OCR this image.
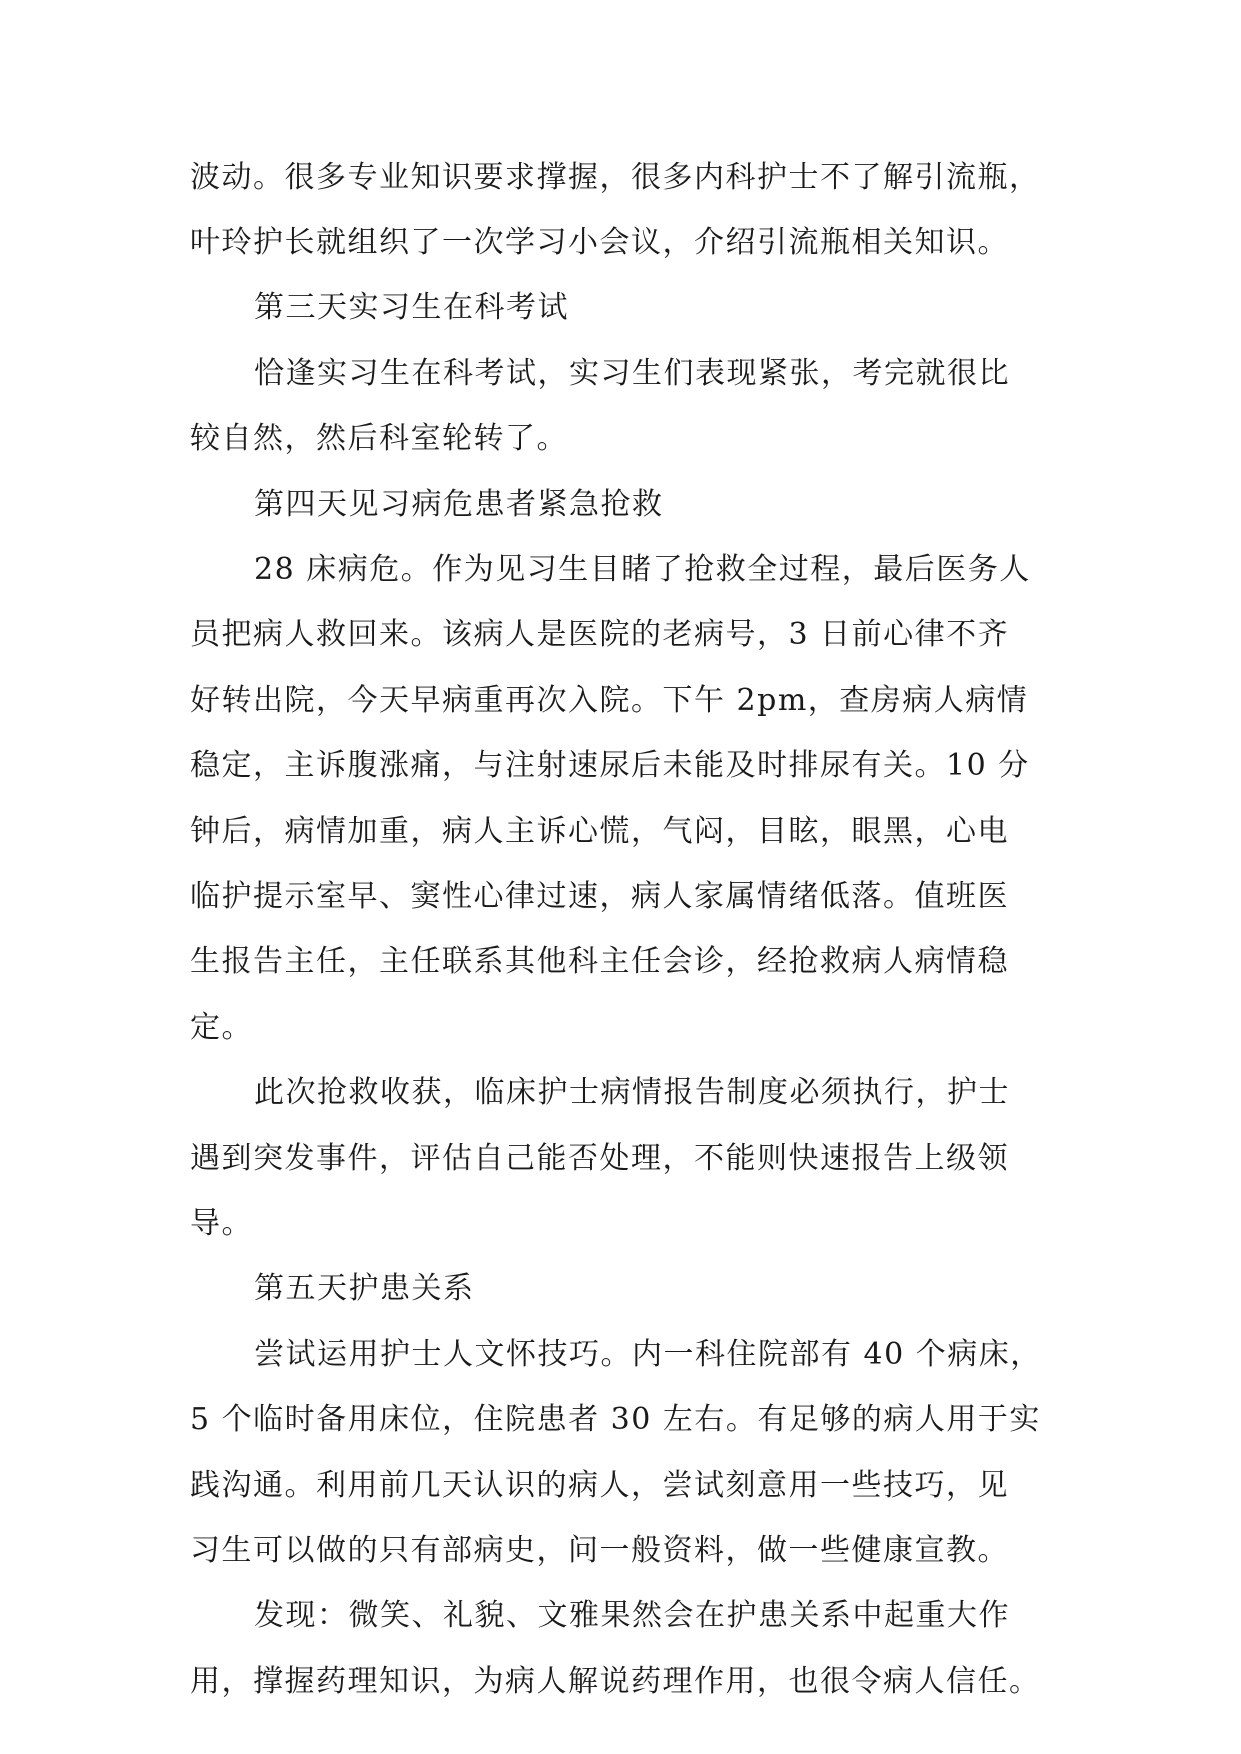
波动。很多专业知识要求撑握，很多内科护士不了解引流瓶，
叶玲护长就组织了一次学习小会议，介绍引流瓶相关知识。
第三天实习生在科考试
恰逢实习生在科考试，实习生们表现紧张，考完就很比
较自然，然后科室轮转了。
第四天见习病危患者紧急抢救
28 床病危。作为见习生目睹了抢救全过程，最后医务人
员把病人救回来。该病人是医院的老病号，3 日前心律不齐
好转出院，今天早病重再次入院。下午 2pm，查房病人病情
稳定，主诉腹涨痛，与注射速尿后未能及时排尿有关。10 分
钟后，病情加重，病人主诉心慌，气闷，目眩，眼黑，心电
临护提示室早、窦性心律过速，病人家属情绪低落。值班医
生报告主任，主任联系其他科主任会诊，经抢救病人病情稳
定。
此次抢救收获，临床护士病情报告制度必须执行，护士
遇到突发事件，评估自己能否处理，不能则快速报告上级领
导。
第五天护患关系
尝试运用护士人文怀技巧。内一科住院部有 40 个病床，
5 个临时备用床位，住院患者 30 左右。有足够的病人用于实
践沟通。利用前几天认识的病人，尝试刻意用一些技巧，见
习生可以做的只有部病史，问一般资料，做一些健康宣教。
发现：微笑、礼貌、文雅果然会在护患关系中起重大作
用，撑握药理知识，为病人解说药理作用，也很令病人信任。
